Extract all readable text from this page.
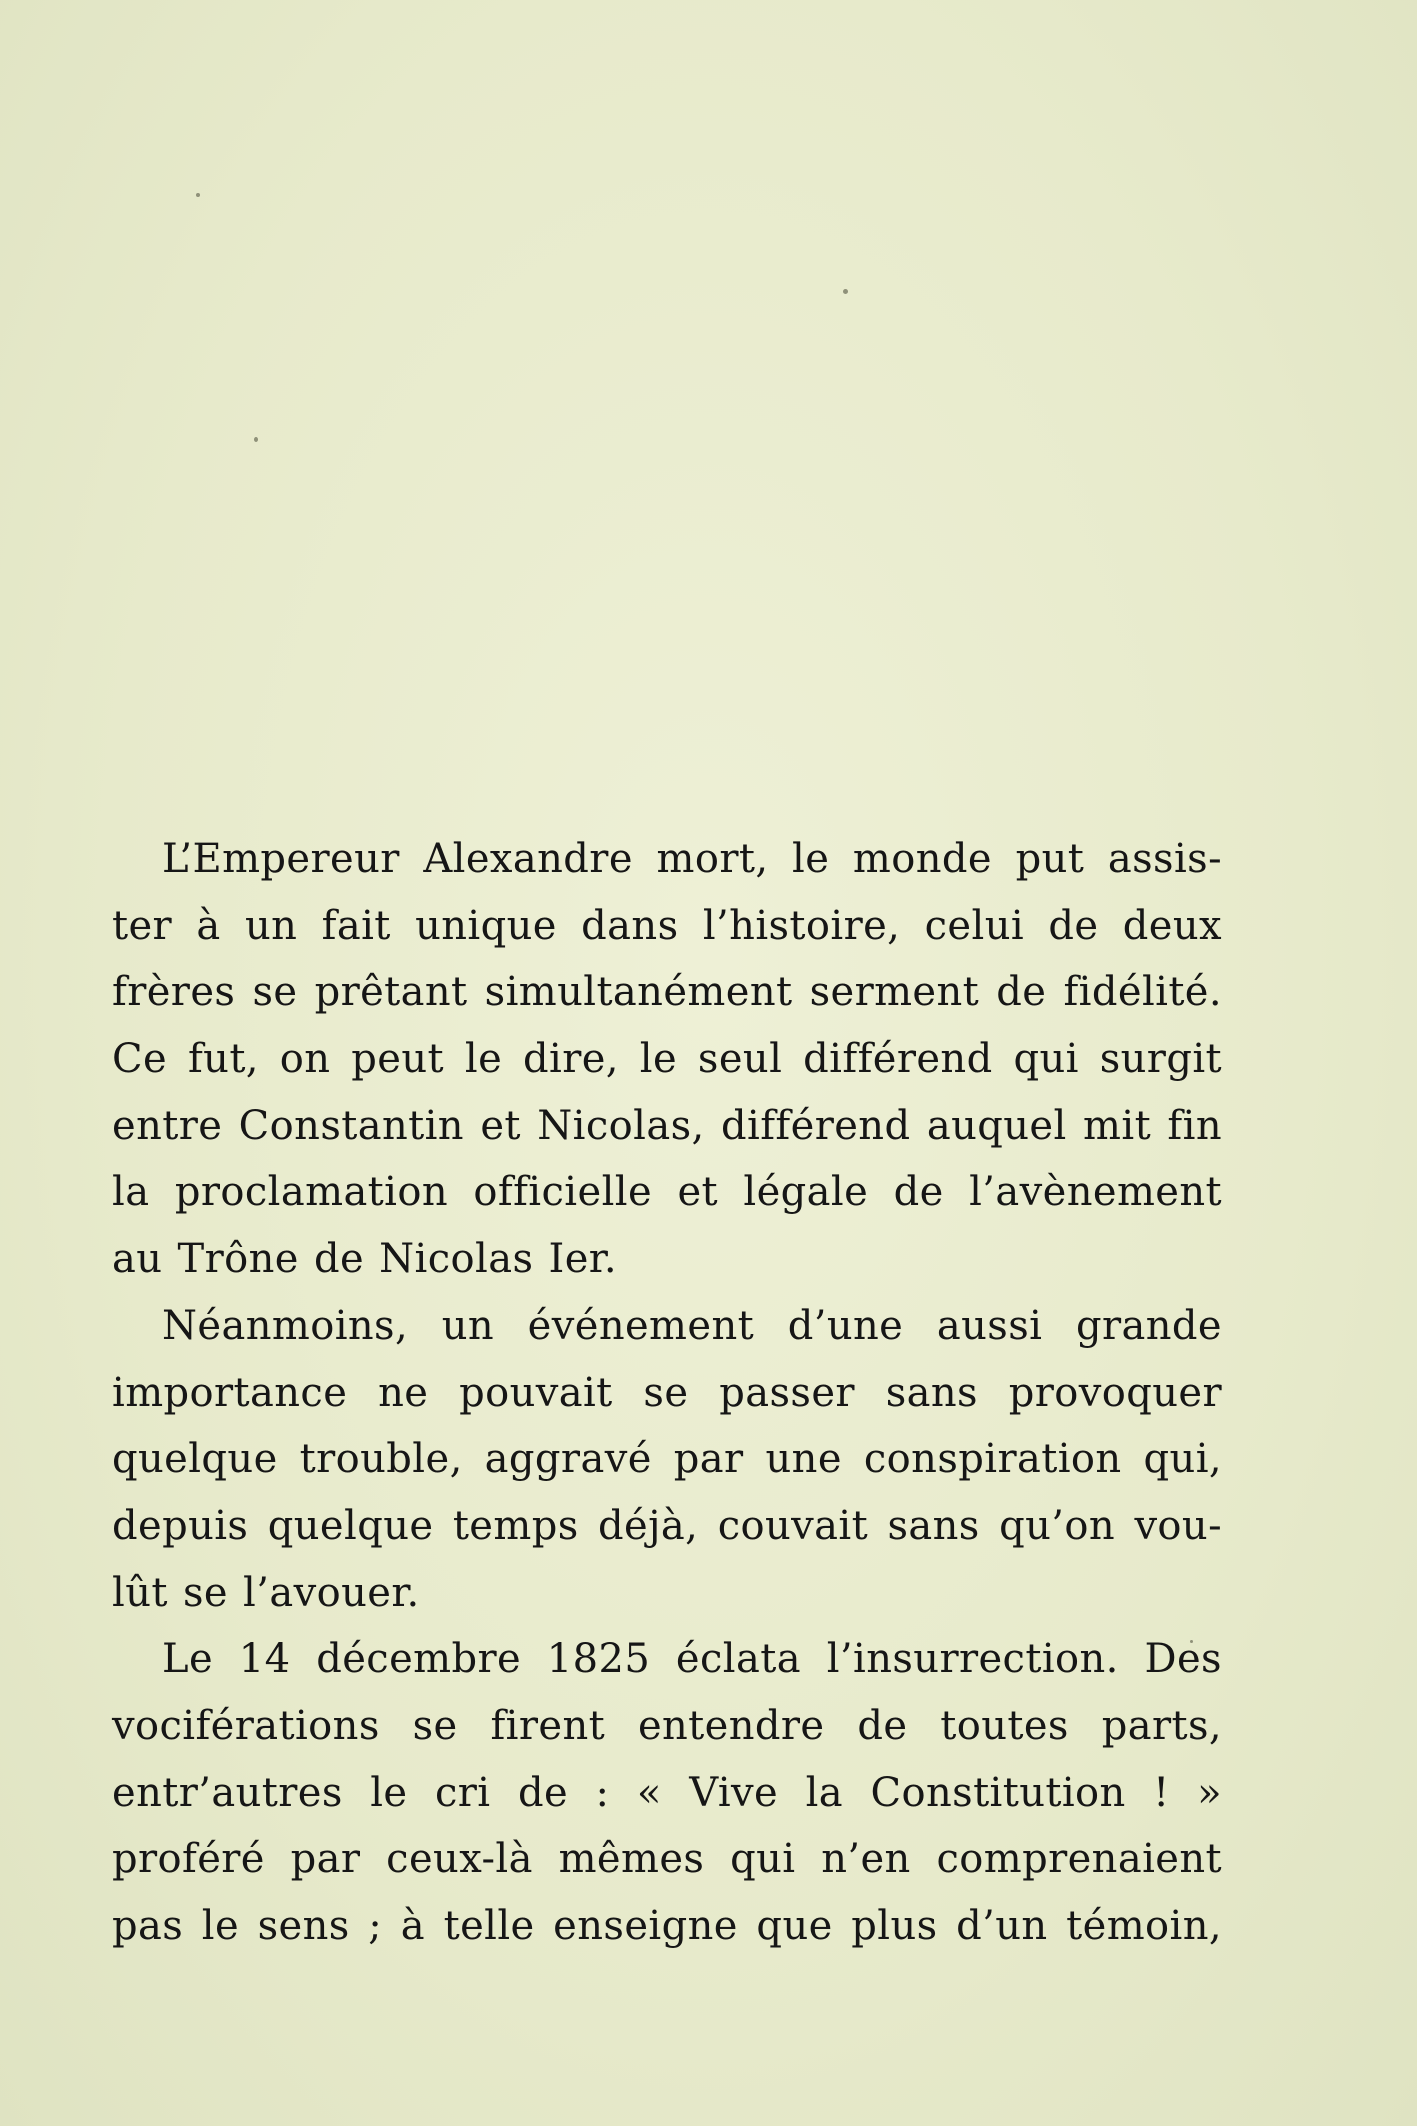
L’Empereur Alexandre mort, le monde put assis-
ter à un fait unique dans l’histoire, celui de deux
frères se prêtant simultanément serment de fidélité.
Ce fut, on peut le dire, le seul différend qui surgit
entre Constantin et Nicolas, différend auquel mit fin
la proclamation officielle et légale de l’avènement
au Trône de Nicolas Ier.
Néanmoins, un événement d’une aussi grande
importance ne pouvait se passer sans provoquer
quelque trouble, aggravé par une conspiration qui,
depuis quelque temps déjà, couvait sans qu’on vou-
lût se l’avouer.
Le 14 décembre 1825 éclata l’insurrection. Des
vociférations se firent entendre de toutes parts,
entr’autres le cri de : « Vive la Constitution ! »
proféré par ceux-là mêmes qui n’en comprenaient
pas le sens ; à telle enseigne que plus d’un témoin,
